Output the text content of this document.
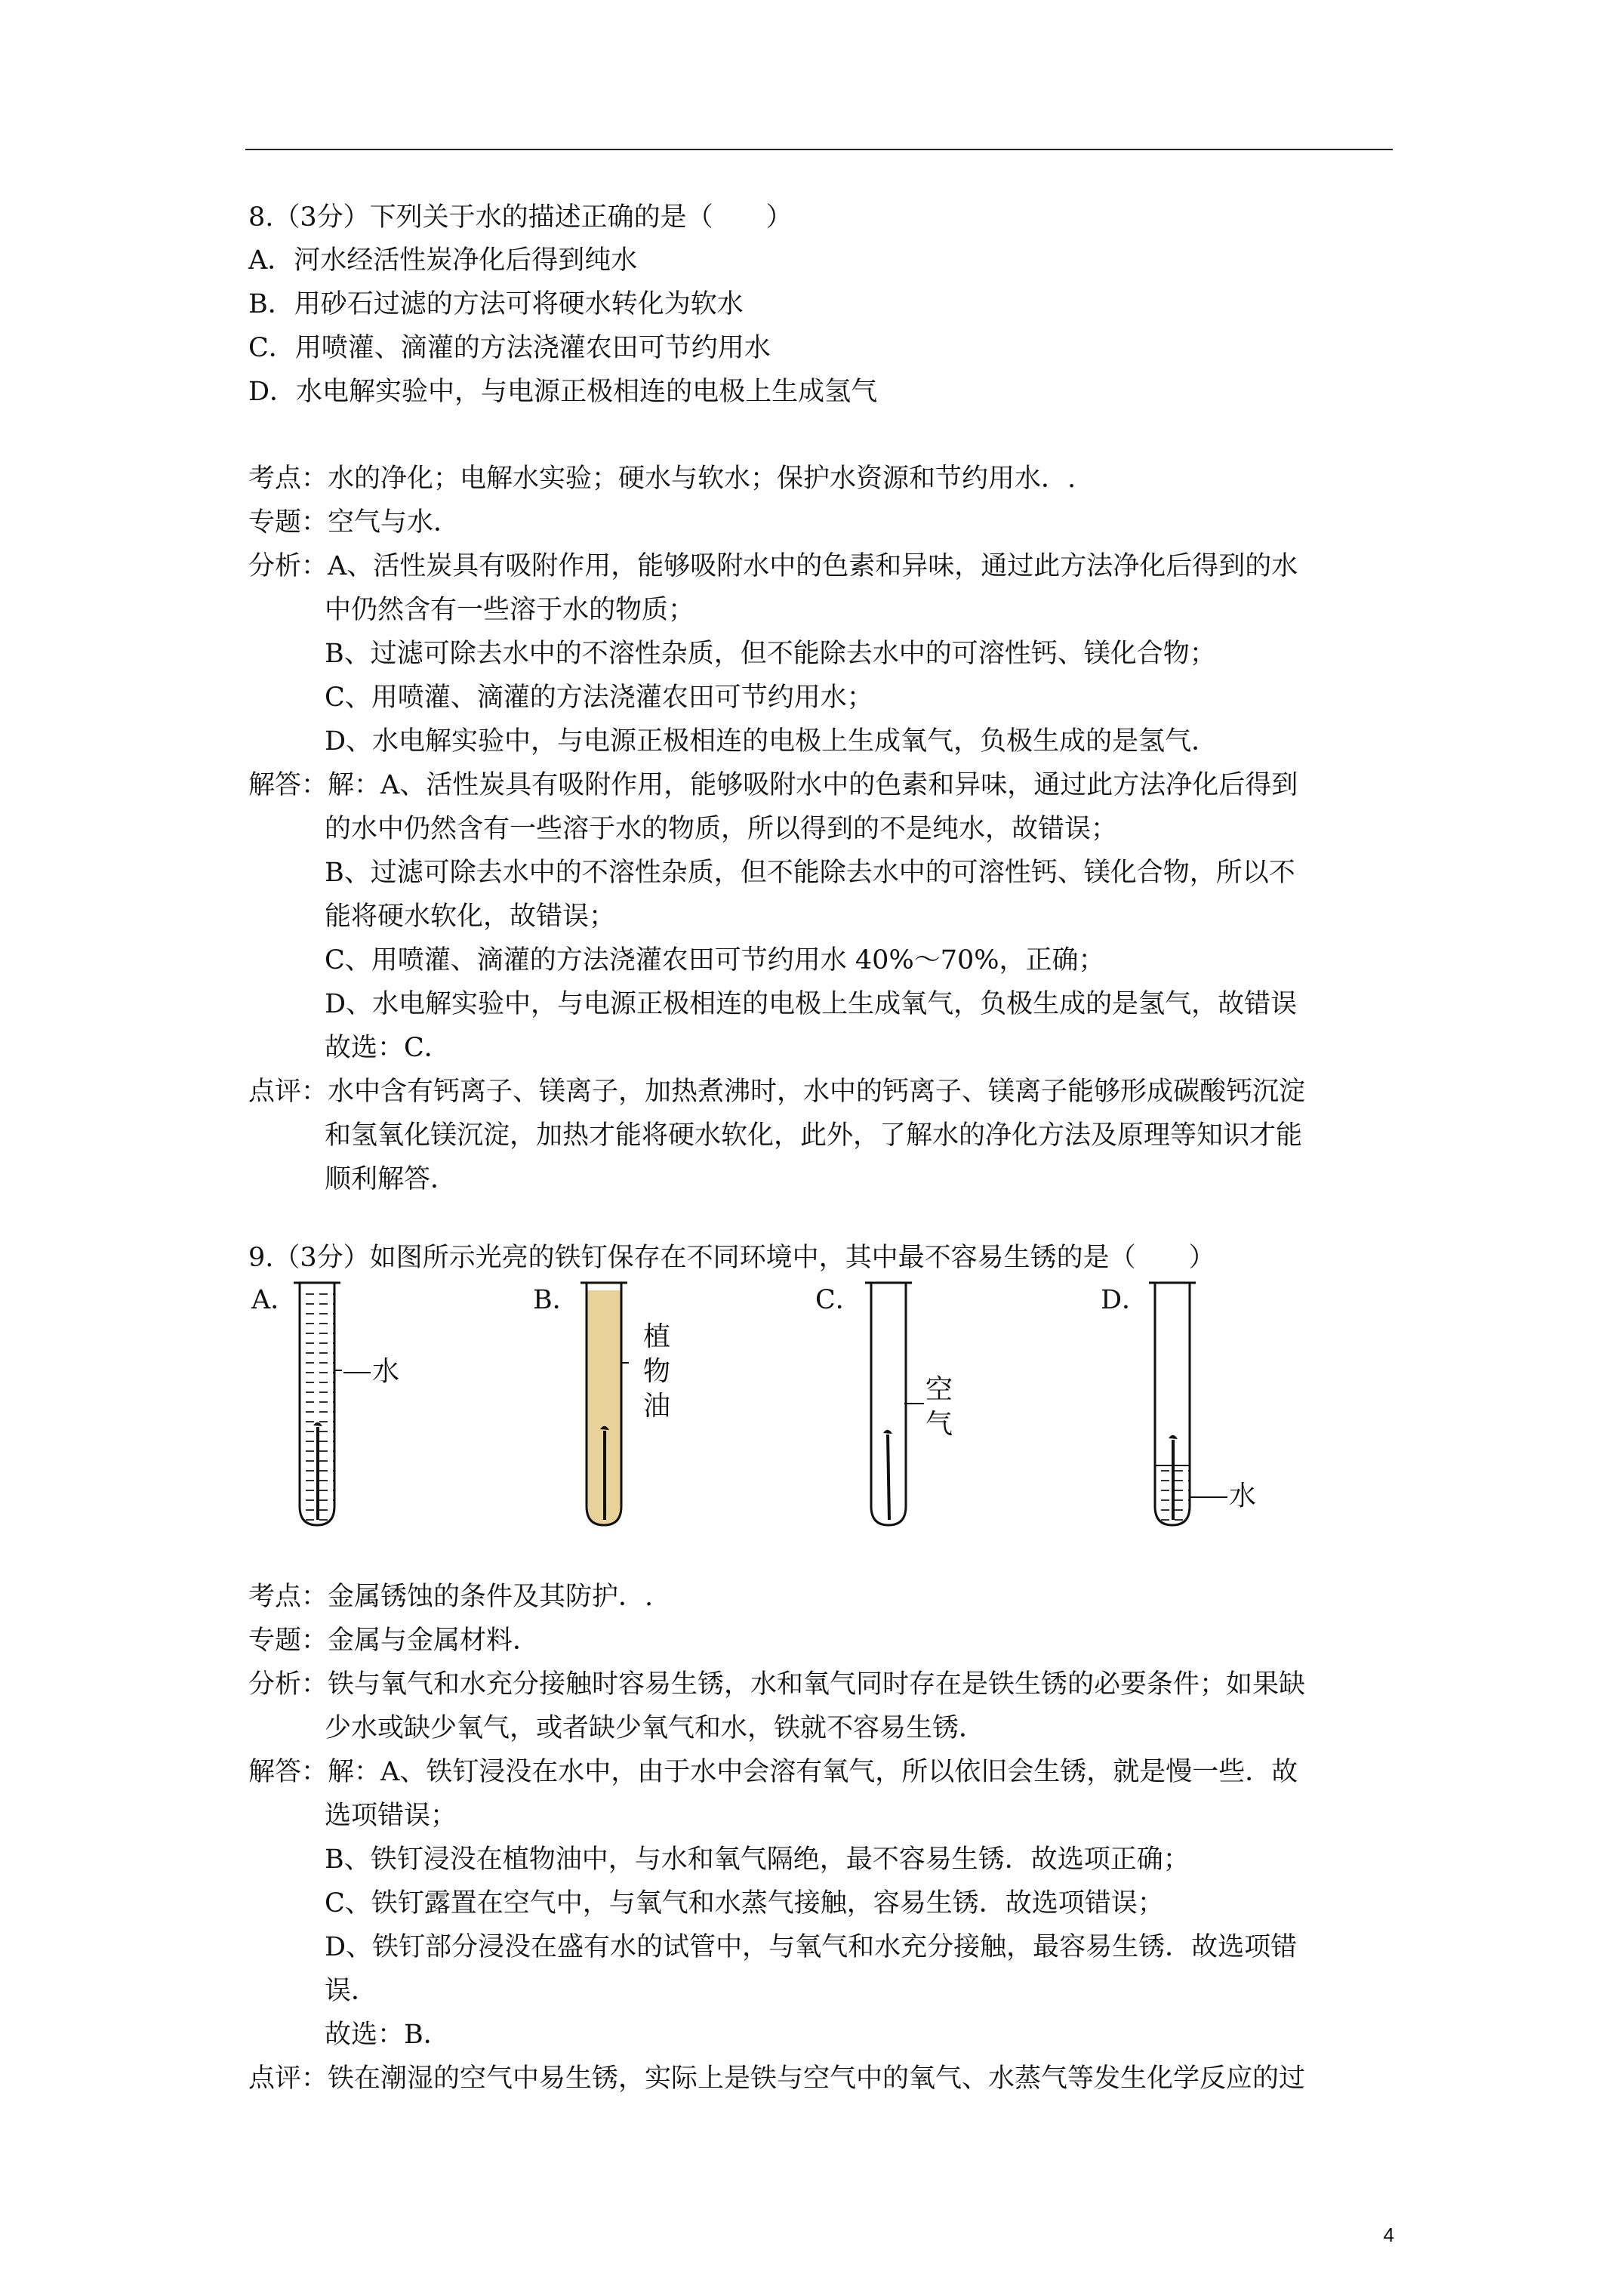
8.（3分）下列关于水的描述正确的是（　　）
A．河水经活性炭净化后得到纯水
B．用砂石过滤的方法可将硬水转化为软水
C．用喷灌、滴灌的方法浇灌农田可节约用水
D．水电解实验中，与电源正极相连的电极上生成氢气
考点：水的净化；电解水实验；硬水与软水；保护水资源和节约用水．.
专题：空气与水．
分析：A、活性炭具有吸附作用，能够吸附水中的色素和异味，通过此方法净化后得到的水
中仍然含有一些溶于水的物质；
B、过滤可除去水中的不溶性杂质，但不能除去水中的可溶性钙、镁化合物；
C、用喷灌、滴灌的方法浇灌农田可节约用水；
D、水电解实验中，与电源正极相连的电极上生成氧气，负极生成的是氢气．
解答：解：A、活性炭具有吸附作用，能够吸附水中的色素和异味，通过此方法净化后得到
的水中仍然含有一些溶于水的物质，所以得到的不是纯水，故错误；
B、过滤可除去水中的不溶性杂质，但不能除去水中的可溶性钙、镁化合物，所以不
能将硬水软化，故错误；
C、用喷灌、滴灌的方法浇灌农田可节约用水 40%～70%，正确；
D、水电解实验中，与电源正极相连的电极上生成氧气，负极生成的是氢气，故错误
故选：C．
点评：水中含有钙离子、镁离子，加热煮沸时，水中的钙离子、镁离子能够形成碳酸钙沉淀
和氢氧化镁沉淀，加热才能将硬水软化，此外，了解水的净化方法及原理等知识才能
顺利解答．
9.（3分）如图所示光亮的铁钉保存在不同环境中，其中最不容易生锈的是（　　）
A．
水
B．
植
物
油
C．
空
气
D．
水
考点：金属锈蚀的条件及其防护．.
专题：金属与金属材料．
分析：铁与氧气和水充分接触时容易生锈，水和氧气同时存在是铁生锈的必要条件；如果缺
少水或缺少氧气，或者缺少氧气和水，铁就不容易生锈．
解答：解：A、铁钉浸没在水中，由于水中会溶有氧气，所以依旧会生锈，就是慢一些．故
选项错误；
B、铁钉浸没在植物油中，与水和氧气隔绝，最不容易生锈．故选项正确；
C、铁钉露置在空气中，与氧气和水蒸气接触，容易生锈．故选项错误；
D、铁钉部分浸没在盛有水的试管中，与氧气和水充分接触，最容易生锈．故选项错
误．
故选：B．
点评：铁在潮湿的空气中易生锈，实际上是铁与空气中的氧气、水蒸气等发生化学反应的过
4
